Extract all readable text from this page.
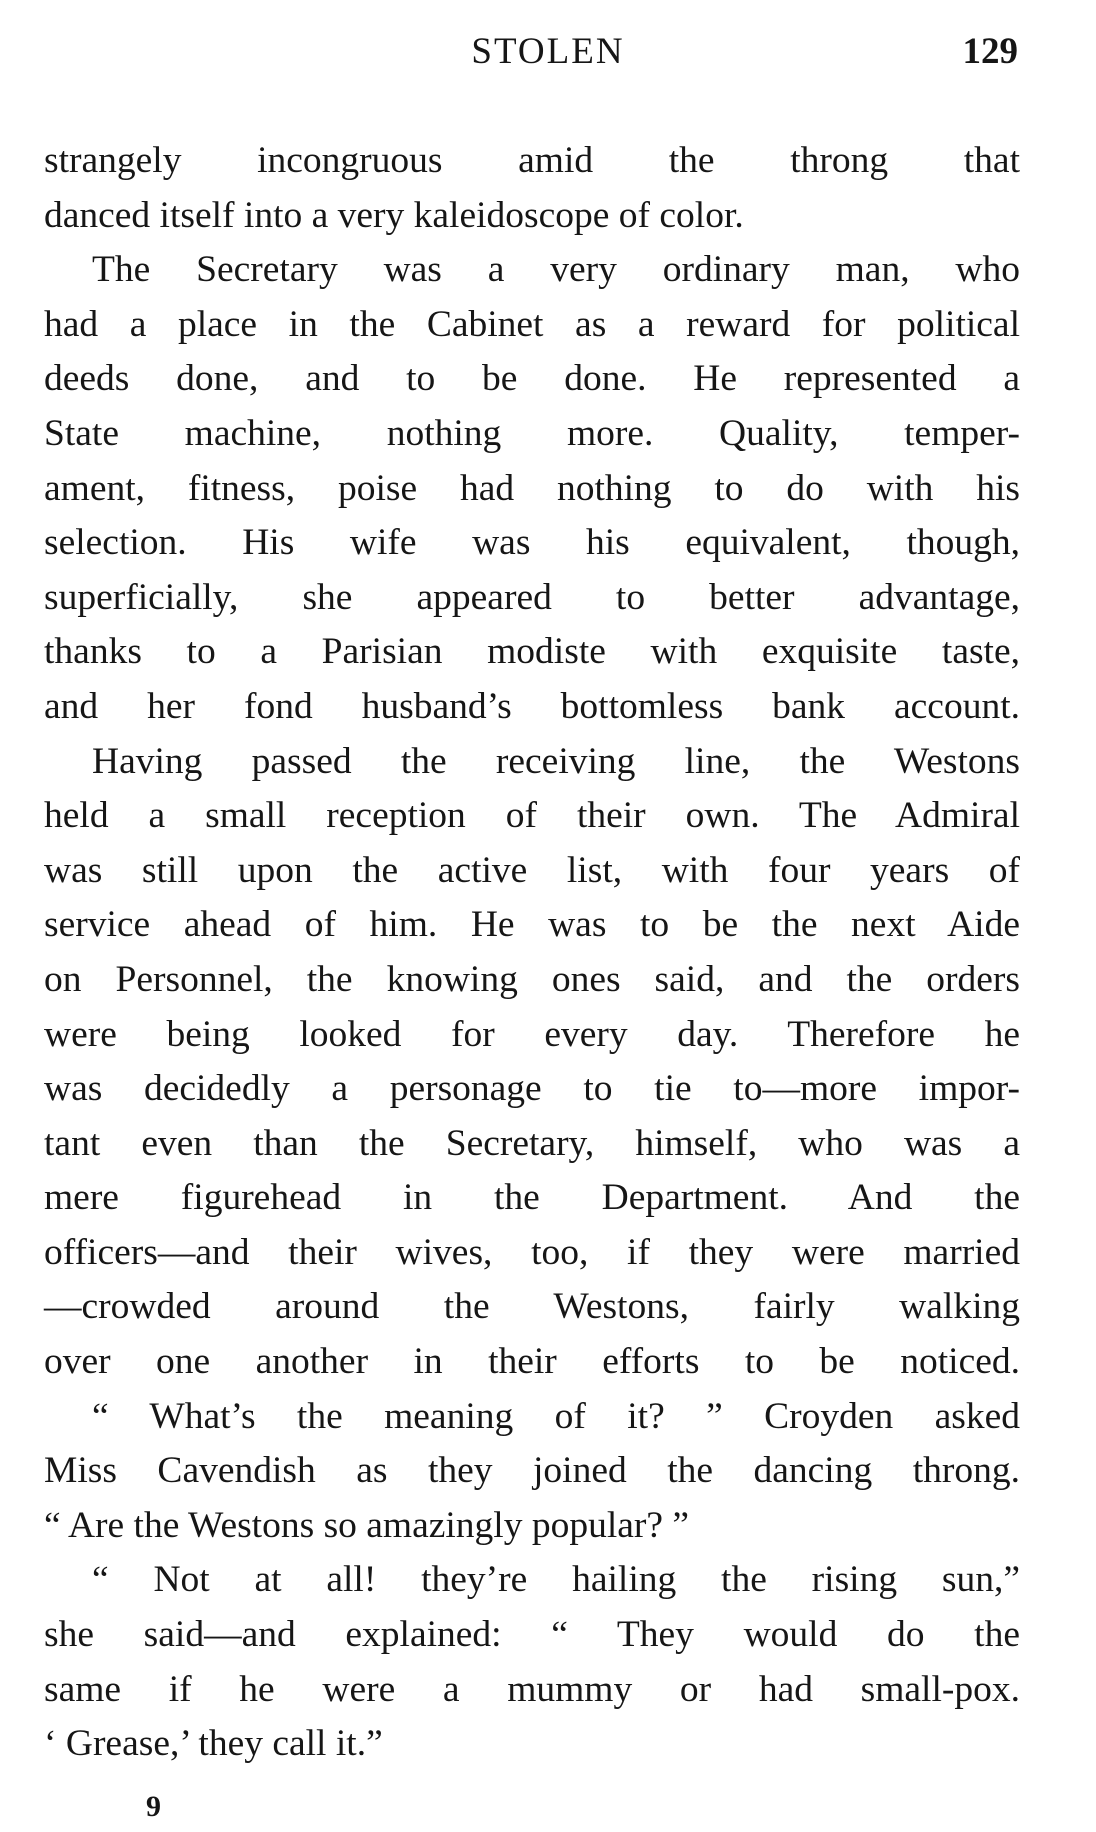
STOLEN	129

strangely incongruous amid the throng that
danced itself into a very kaleidoscope of color.

The Secretary was a very ordinary man, who
had a place in the Cabinet as a reward for political
deeds done, and to be done. He represented a
State machine, nothing more. Quality, temper-
ament, fitness, poise had nothing to do with his
selection. His wife was his equivalent, though,
superficially, she appeared to better advantage,
thanks to a Parisian modiste with exquisite taste,
and her fond husband’s bottomless bank account.

Having passed the receiving line, the Westons
held a small reception of their own. The Admiral
was still upon the active list, with four years of
service ahead of him. He was to be the next Aide
on Personnel, the knowing ones said, and the orders
were being looked for every day. Therefore he
was decidedly a personage to tie to—more impor-
tant even than the Secretary, himself, who was a
mere figurehead in the Department. And the
officers—and their wives, too, if they were married
—crowded around the Westons, fairly walking
over one another in their efforts to be noticed.

“ What’s the meaning of it? ” Croyden asked
Miss Cavendish as they joined the dancing throng.
“ Are the Westons so amazingly popular? ”

“ Not at all! they’re hailing the rising sun,”
she said—and explained: “ They would do the
same if he were a mummy or had small-pox.
‘ Grease,’ they call it.”

9
